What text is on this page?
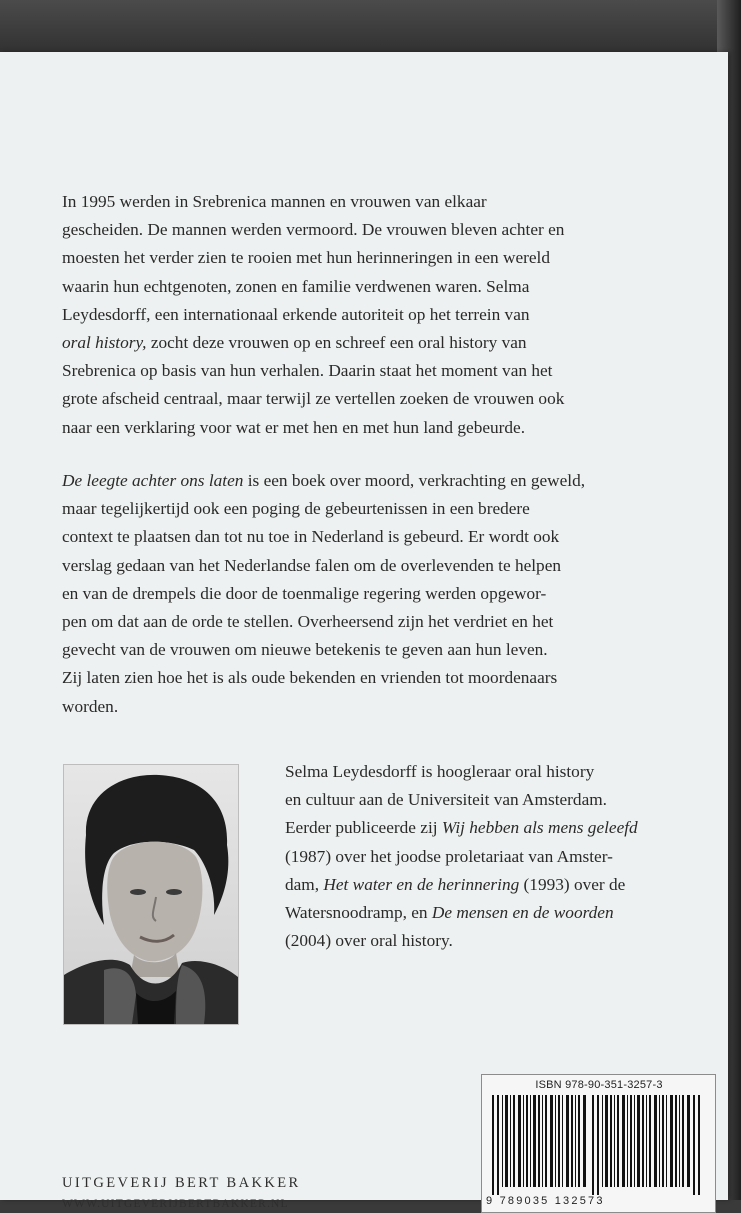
In 1995 werden in Srebrenica mannen en vrouwen van elkaar

gescheiden. De mannen werden vermoord. De vrouwen bleven achter en

moesten het verder zien te rooien met hun herinneringen in een wereld

waarin hun echtgenoten, zonen en familie verdwenen waren. Selma

Leydesdorff, een internationaal erkende autoriteit op het terrein van

oral history, zocht deze vrouwen op en schreef een oral history van

Srebrenica op basis van hun verhalen. Daarin staat het moment van het

grote afscheid centraal, maar terwijl ze vertellen zoeken de vrouwen ook

naar een verklaring voor wat er met hen en met hun land gebeurde.

De leegte achter ons laten is een boek over moord, verkrachting en geweld,

maar tegelijkertijd ook een poging de gebeurtenissen in een bredere

context te plaatsen dan tot nu toe in Nederland is gebeurd. Er wordt ook

verslag gedaan van het Nederlandse falen om de overlevenden te helpen

en van de drempels die door de toenmalige regering werden opgewor-

pen om dat aan de orde te stellen. Overheersend zijn het verdriet en het

gevecht van de vrouwen om nieuwe betekenis te geven aan hun leven.

Zij laten zien hoe het is als oude bekenden en vrienden tot moordenaars

worden.

Selma Leydesdorff is hoogleraar oral history

en cultuur aan de Universiteit van Amsterdam.

Eerder publiceerde zij Wij hebben als mens geleefd

(1987) over het joodse proletariaat van Amster-

dam, Het water en de herinnering (1993) over de

Watersnoodramp, en De mensen en de woorden

(2004) over oral history.

ISBN 978-90-351-3257-3
9 789035 132573
UITGEVERIJ BERT BAKKER
WWW.UITGEVERIJBERTBAKKER.NL
